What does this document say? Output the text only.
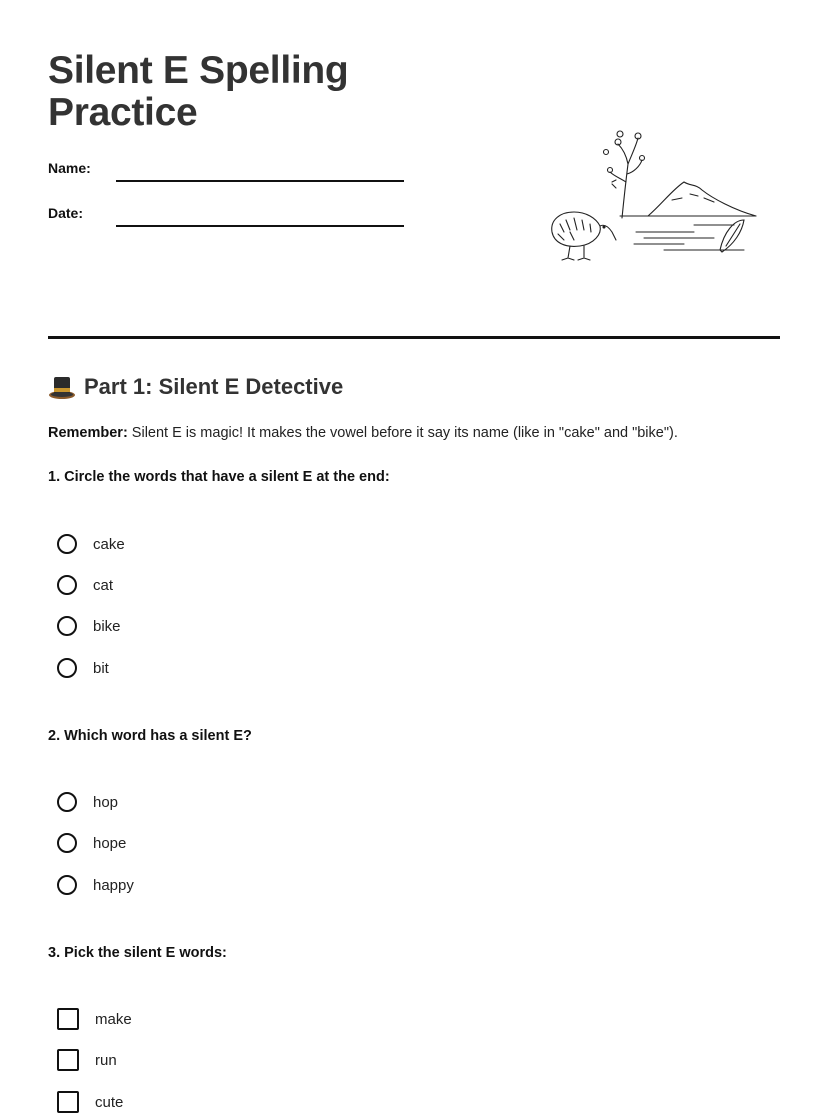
Silent E Spelling Practice
Name:
Date:
Part 1: Silent E Detective
Remember: Silent E is magic! It makes the vowel before it say its name (like in "cake" and "bike").
1. Circle the words that have a silent E at the end:
cake
cat
bike
bit
2. Which word has a silent E?
hop
hope
happy
3. Pick the silent E words:
make
run
cute
